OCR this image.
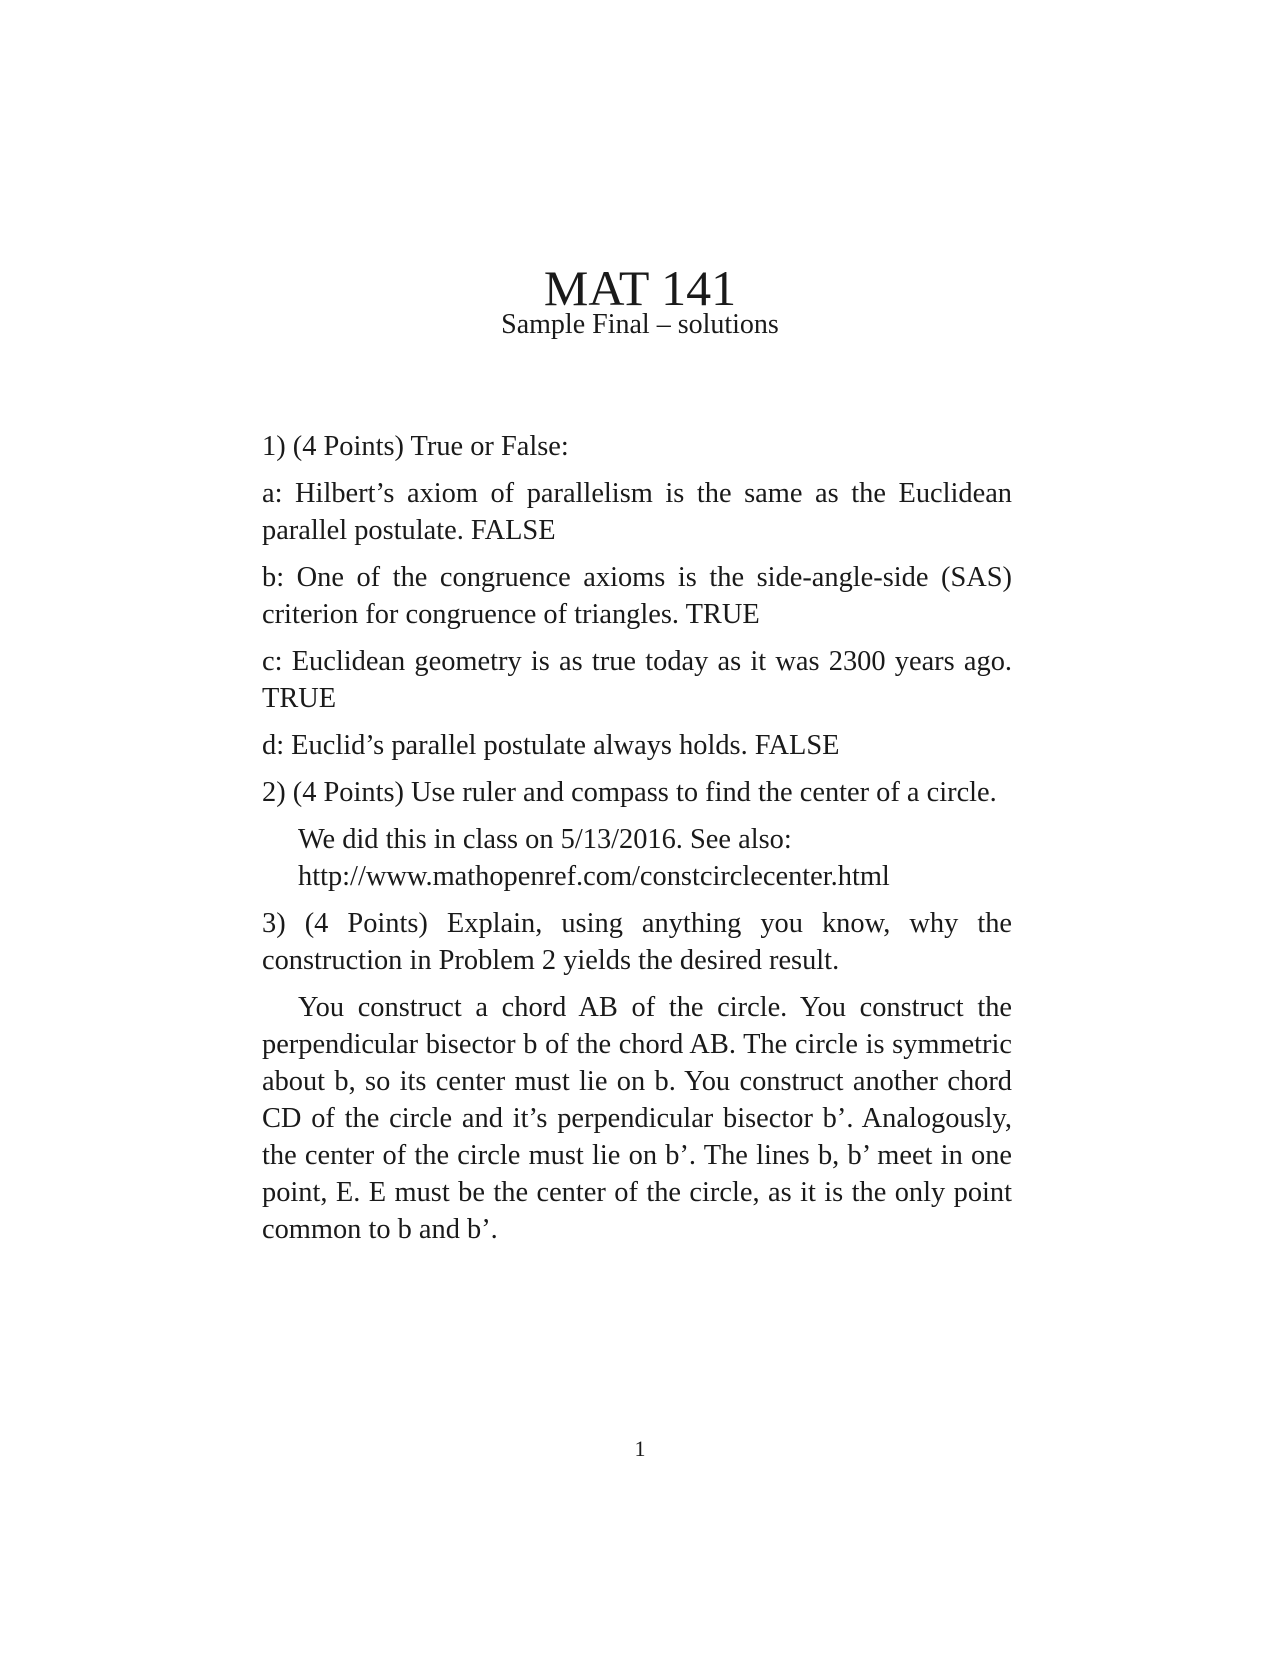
MAT 141
Sample Final – solutions

1) (4 Points) True or False:

a: Hilbert’s axiom of parallelism is the same as the Euclidean parallel postulate. FALSE

b: One of the congruence axioms is the side-angle-side (SAS) criterion for congruence of triangles. TRUE

c: Euclidean geometry is as true today as it was 2300 years ago. TRUE

d: Euclid’s parallel postulate always holds. FALSE

2) (4 Points) Use ruler and compass to find the center of a circle.

We did this in class on 5/13/2016. See also:
http://www.mathopenref.com/constcirclecenter.html

3) (4 Points) Explain, using anything you know, why the construction in Problem 2 yields the desired result.

You construct a chord AB of the circle. You construct the perpendicular bisector b of the chord AB. The circle is symmetric about b, so its center must lie on b. You construct another chord CD of the circle and it’s perpendicular bisector b’. Analogously, the center of the circle must lie on b’. The lines b, b’ meet in one point, E. E must be the center of the circle, as it is the only point common to b and b’.

1
